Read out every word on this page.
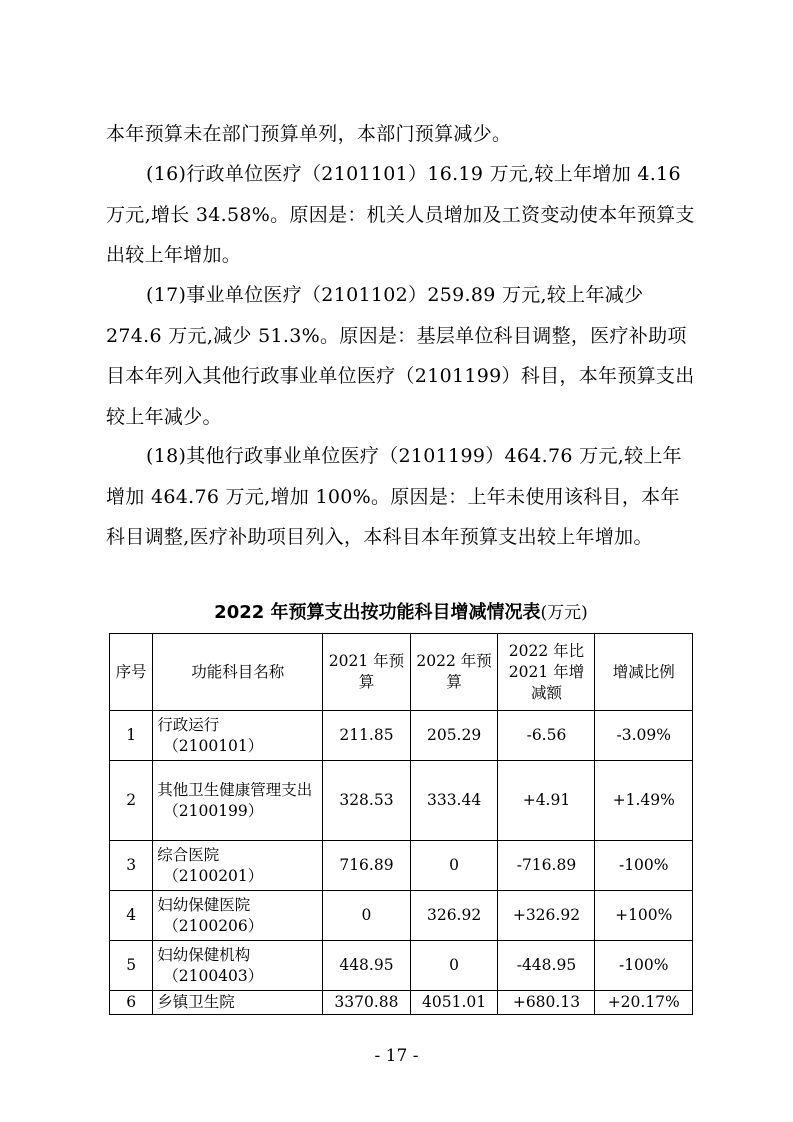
本年预算未在部门预算单列，本部门预算减少。

(16)行政单位医疗（2101101）16.19 万元,较上年增加 4.16 万元,增长 34.58%。原因是：机关人员增加及工资变动使本年预算支出较上年增加。

(17)事业单位医疗（2101102）259.89 万元,较上年减少 274.6 万元,减少 51.3%。原因是：基层单位科目调整，医疗补助项目本年列入其他行政事业单位医疗（2101199）科目，本年预算支出较上年减少。

(18)其他行政事业单位医疗（2101199）464.76 万元,较上年增加 464.76 万元,增加 100%。原因是：上年未使用该科目，本年科目调整,医疗补助项目列入，本科目本年预算支出较上年增加。

2022 年预算支出按功能科目增减情况表(万元)
序号	功能科目名称	2021 年预算	2022 年预算	2022 年比 2021 年增减额	增减比例
1	行政运行
（2100101）	211.85	205.29	-6.56	-3.09%
2	其他卫生健康管理支出
（2100199）	328.53	333.44	+4.91	+1.49%
3	综合医院
（2100201）	716.89	0	-716.89	-100%
4	妇幼保健医院
（2100206）	0	326.92	+326.92	+100%
5	妇幼保健机构
（2100403）	448.95	0	-448.95	-100%
6	乡镇卫生院	3370.88	4051.01	+680.13	+20.17%
- 17 -
